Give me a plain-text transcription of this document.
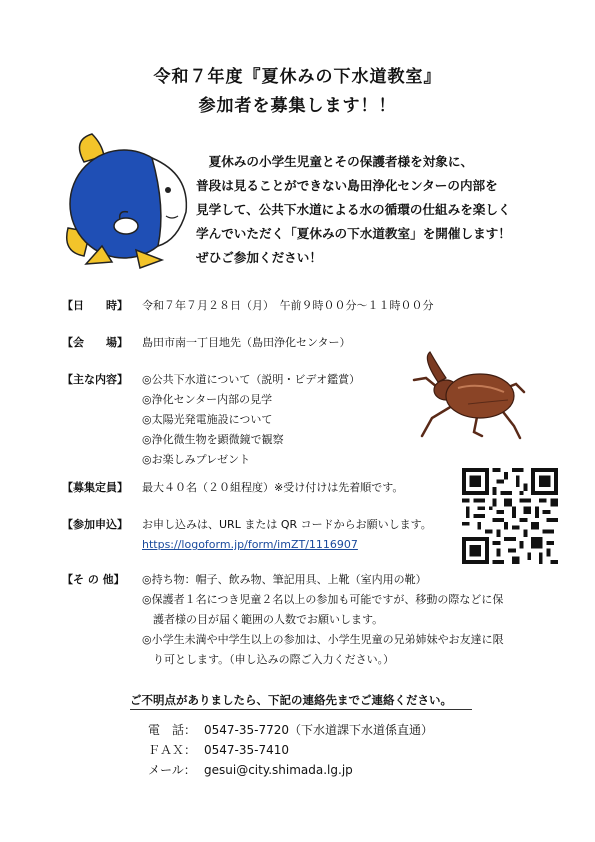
令和７年度『夏休みの下水道教室』
参加者を募集します！！

　夏休みの小学生児童とその保護者様を対象に、

普段は見ることができない島田浄化センターの内部を

見学して、公共下水道による水の循環の仕組みを楽しく

学んでいただく「夏休みの下水道教室」を開催します！

ぜひご参加ください！

【日　　時】	令和７年７月２８日（月）　午前９時００分～１１時００分
【会　　場】	島田市南一丁目地先（島田浄化センター）
【主な内容】	◎公共下水道について（説明・ビデオ鑑賞）
◎浄化センター内部の見学
◎太陽光発電施設について
◎浄化微生物を顕微鏡で観察
◎お楽しみプレゼント
【募集定員】	最大４０名（２０組程度）※受け付けは先着順です。
【参加申込】	お申し込みは、URL または QR コードからお願いします。
https://logoform.jp/form/imZT/1116907
【そ の 他】	◎持ち物：帽子、飲み物、筆記用具、上靴（室内用の靴）
◎保護者１名につき児童２名以上の参加も可能ですが、移動の際などに保
　護者様の目が届く範囲の人数でお願いします。
◎小学生未満や中学生以上の参加は、小学生児童の兄弟姉妹やお友達に限
　り可とします。（申し込みの際ご入力ください。）
ご不明点がありましたら、下記の連絡先までご連絡ください。
電　話： 0547-35-7720（下水道課下水道係直通）
ＦＡＸ： 0547-35-7410
メール： gesui@city.shimada.lg.jp
